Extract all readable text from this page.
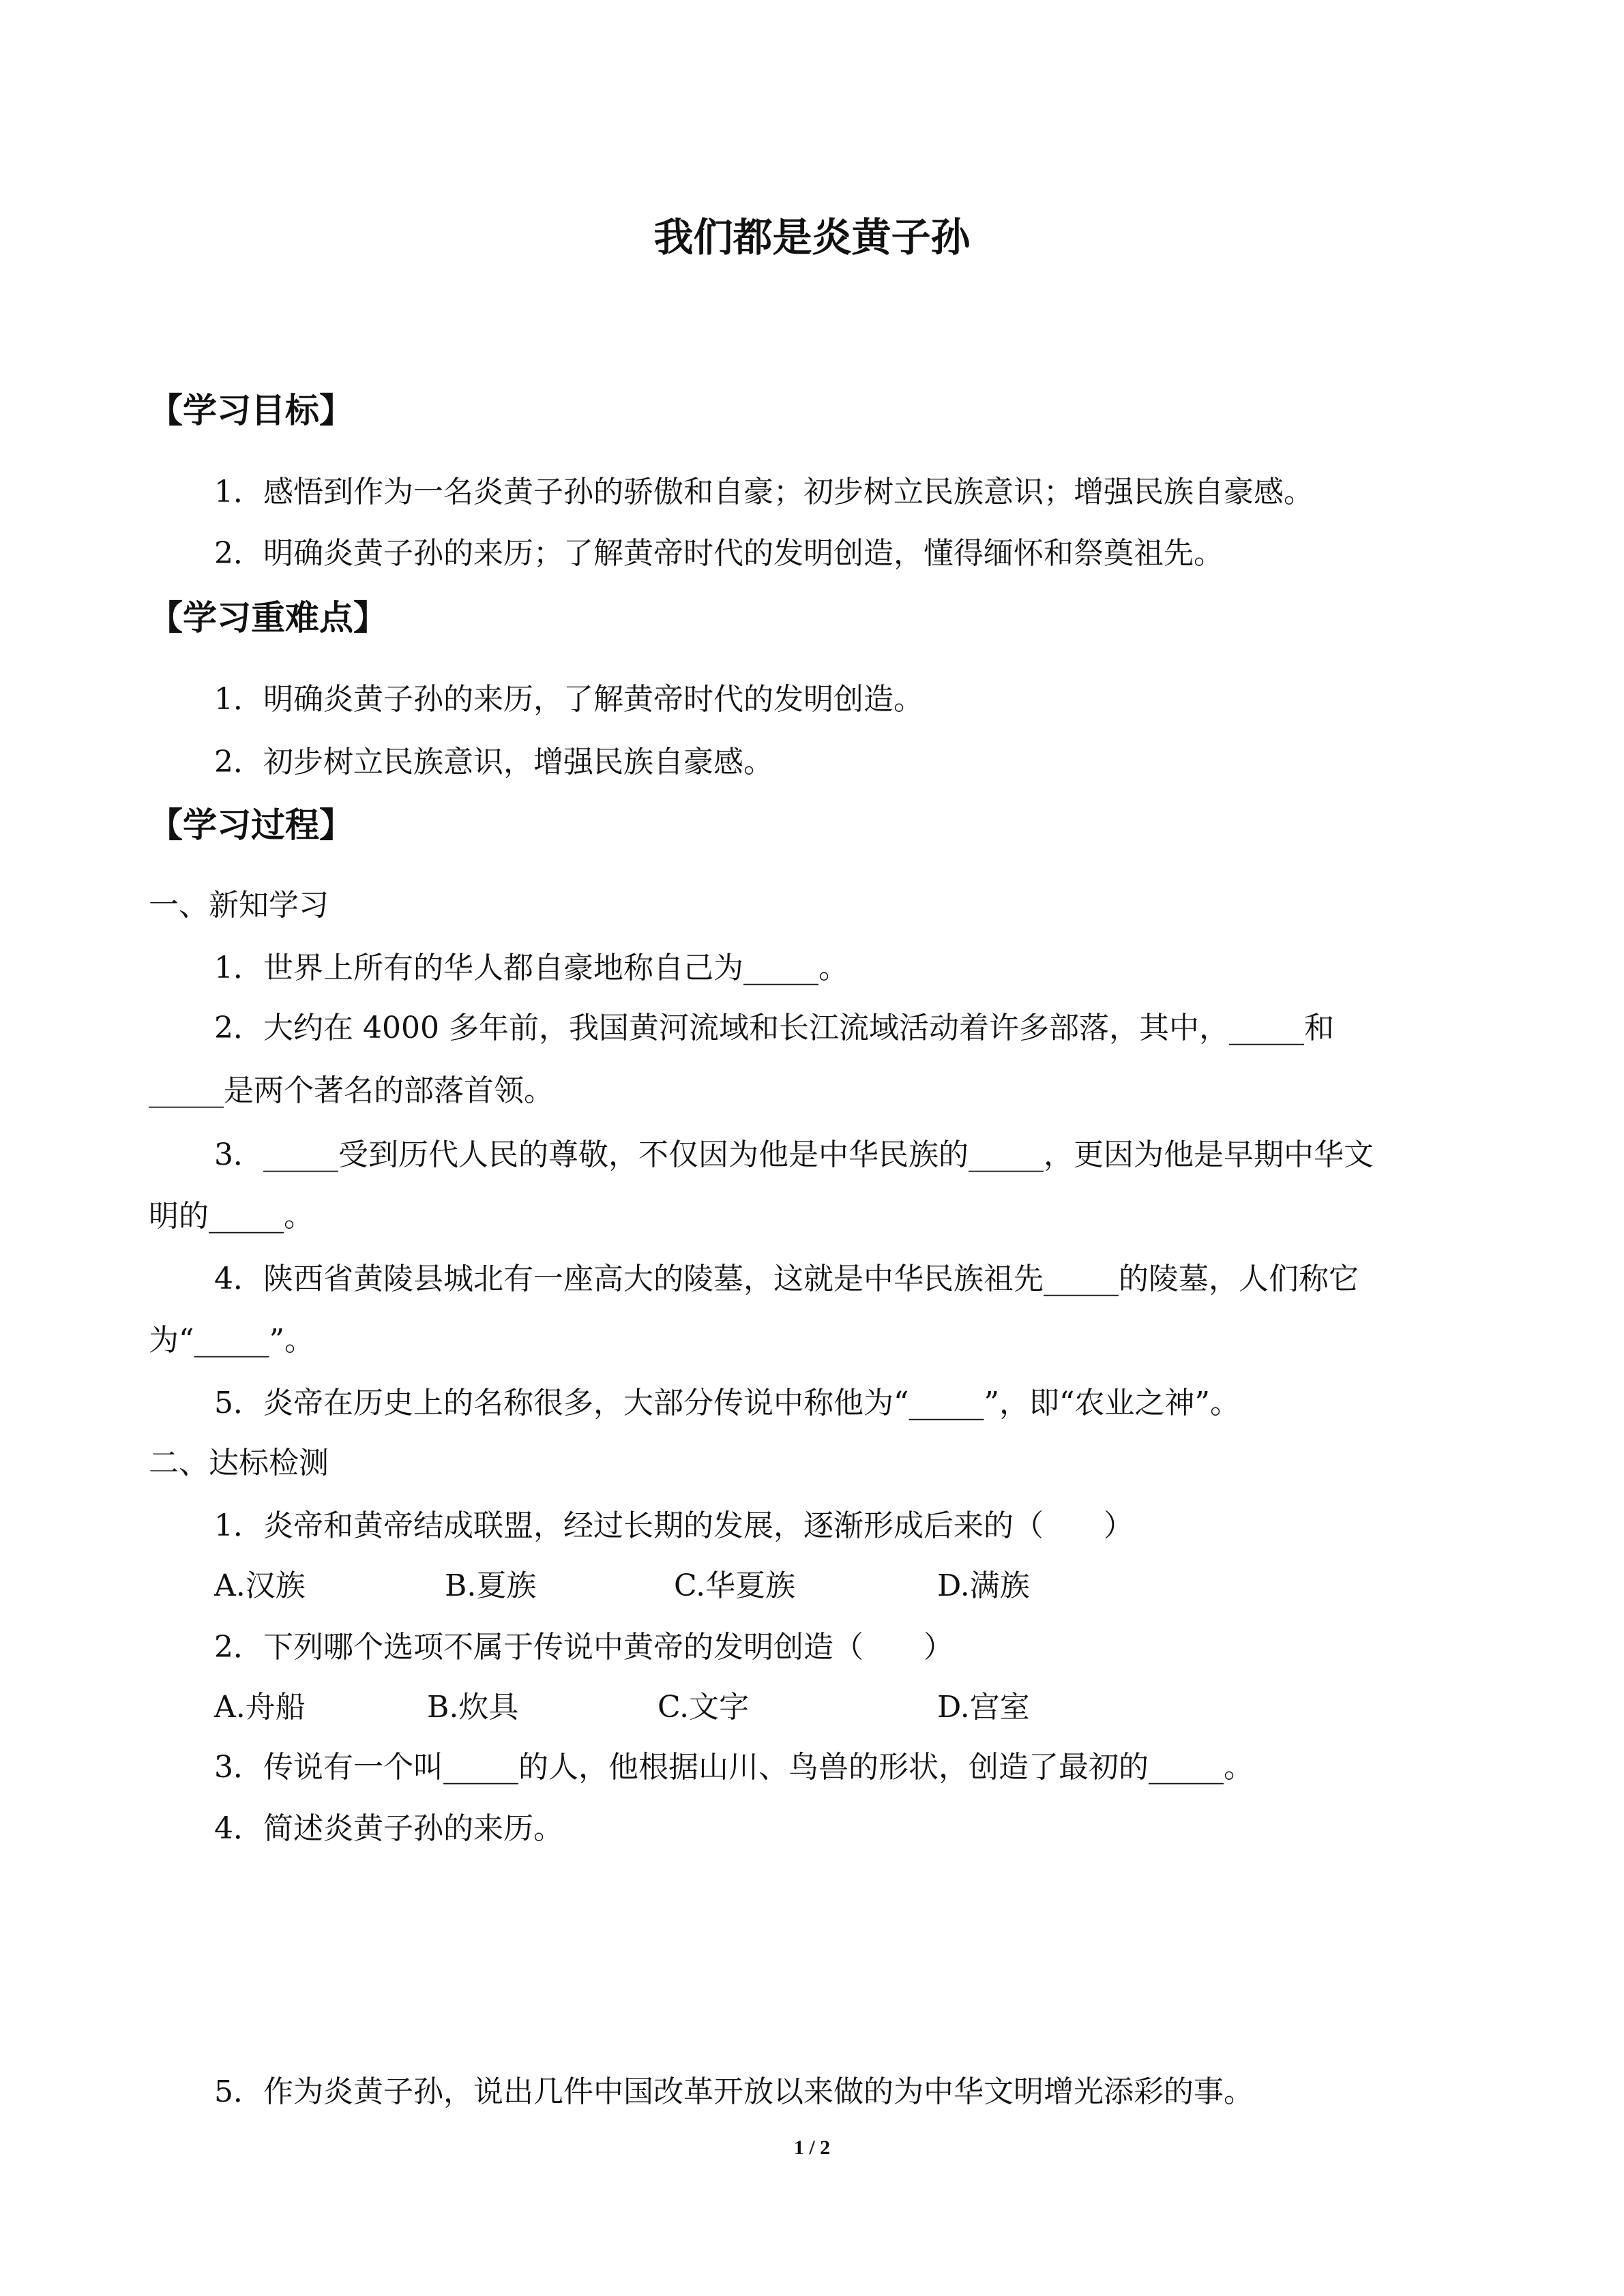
我们都是炎黄子孙
【学习目标】
1．感悟到作为一名炎黄子孙的骄傲和自豪；初步树立民族意识；增强民族自豪感。
2．明确炎黄子孙的来历；了解黄帝时代的发明创造，懂得缅怀和祭奠祖先。
【学习重难点】
1．明确炎黄子孙的来历，了解黄帝时代的发明创造。
2．初步树立民族意识，增强民族自豪感。
【学习过程】
一、新知学习
1．世界上所有的华人都自豪地称自己为_____。
2．大约在 4000 多年前，我国黄河流域和长江流域活动着许多部落，其中，_____和
_____是两个著名的部落首领。
3．_____受到历代人民的尊敬，不仅因为他是中华民族的_____，更因为他是早期中华文
明的_____。
4．陕西省黄陵县城北有一座高大的陵墓，这就是中华民族祖先_____的陵墓，人们称它
为“_____”。
5．炎帝在历史上的名称很多，大部分传说中称他为“_____”，即“农业之神”。
二、达标检测
1．炎帝和黄帝结成联盟，经过长期的发展，逐渐形成后来的（　　）
A.汉族	B.夏族	C.华夏族	D.满族
2．下列哪个选项不属于传说中黄帝的发明创造（　　）
A.舟船	B.炊具	C.文字	D.宫室
3．传说有一个叫_____的人，他根据山川、鸟兽的形状，创造了最初的_____。
4．简述炎黄子孙的来历。
5．作为炎黄子孙，说出几件中国改革开放以来做的为中华文明增光添彩的事。
1 / 2
